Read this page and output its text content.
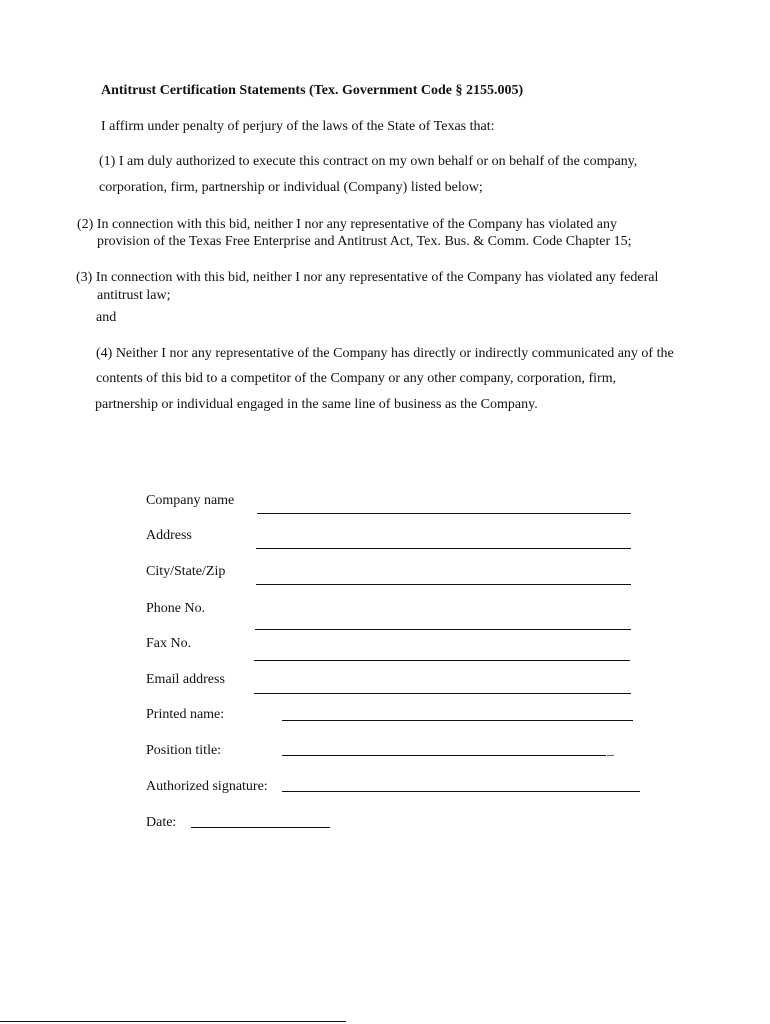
Antitrust Certification Statements (Tex. Government Code § 2155.005)
I affirm under penalty of perjury of the laws of the State of Texas that:
(1) I am duly authorized to execute this contract on my own behalf or on behalf of the company,
corporation, firm, partnership or individual (Company) listed below;
(2) In connection with this bid, neither I nor any representative of the Company has violated any
provision of the Texas Free Enterprise and Antitrust Act, Tex. Bus. & Comm. Code Chapter 15;
(3) In connection with this bid, neither I nor any representative of the Company has violated any federal
antitrust law;
and
(4) Neither I nor any representative of the Company has directly or indirectly communicated any of the
contents of this bid to a competitor of the Company or any other company, corporation, firm,
partnership or individual engaged in the same line of business as the Company.
Company name
Address
City/State/Zip
Phone No.
Fax No.
Email address
Printed name:
Position title:	_
Authorized signature:
Date:
